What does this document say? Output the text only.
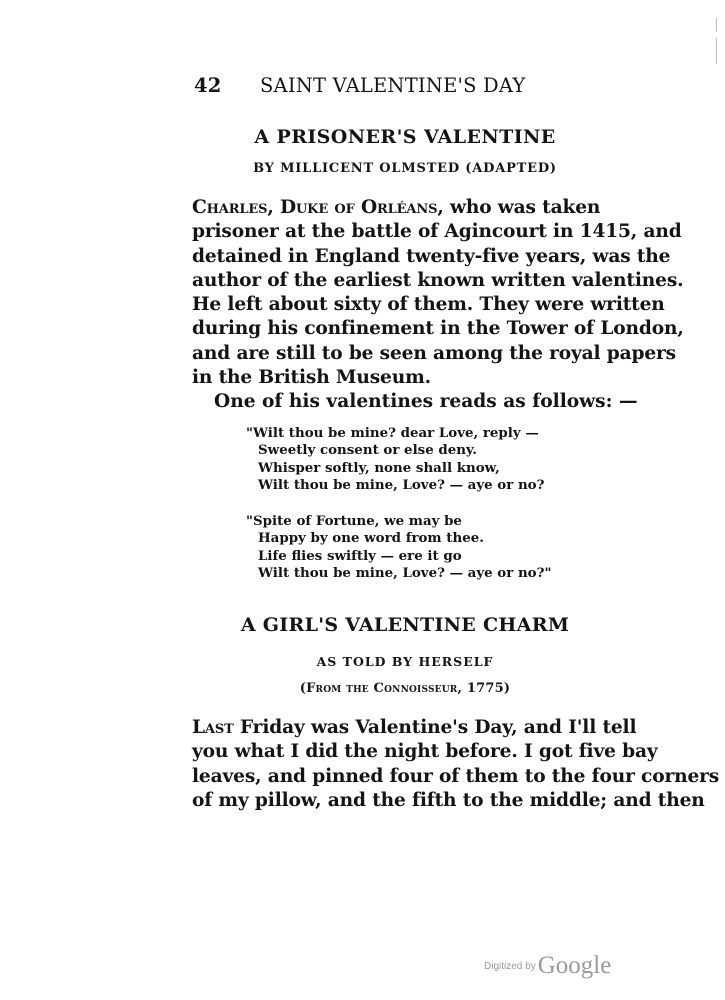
42 SAINT VALENTINE'S DAY
A PRISONER'S VALENTINE
BY MILLICENT OLMSTED (ADAPTED)
Charles, Duke of Orléans, who was taken
prisoner at the battle of Agincourt in 1415, and
detained in England twenty-five years, was the
author of the earliest known written valentines.
He left about sixty of them. They were written
during his confinement in the Tower of London,
and are still to be seen among the royal papers
in the British Museum.
One of his valentines reads as follows: —
"Wilt thou be mine? dear Love, reply —
Sweetly consent or else deny.
Whisper softly, none shall know,
Wilt thou be mine, Love? — aye or no?
"Spite of Fortune, we may be
Happy by one word from thee.
Life flies swiftly — ere it go
Wilt thou be mine, Love? — aye or no?"
A GIRL'S VALENTINE CHARM
AS TOLD BY HERSELF
(From the Connoisseur, 1775)
Last Friday was Valentine's Day, and I'll tell
you what I did the night before. I got five bay
leaves, and pinned four of them to the four corners
of my pillow, and the fifth to the middle; and then
$^{Digitized by}$Google
